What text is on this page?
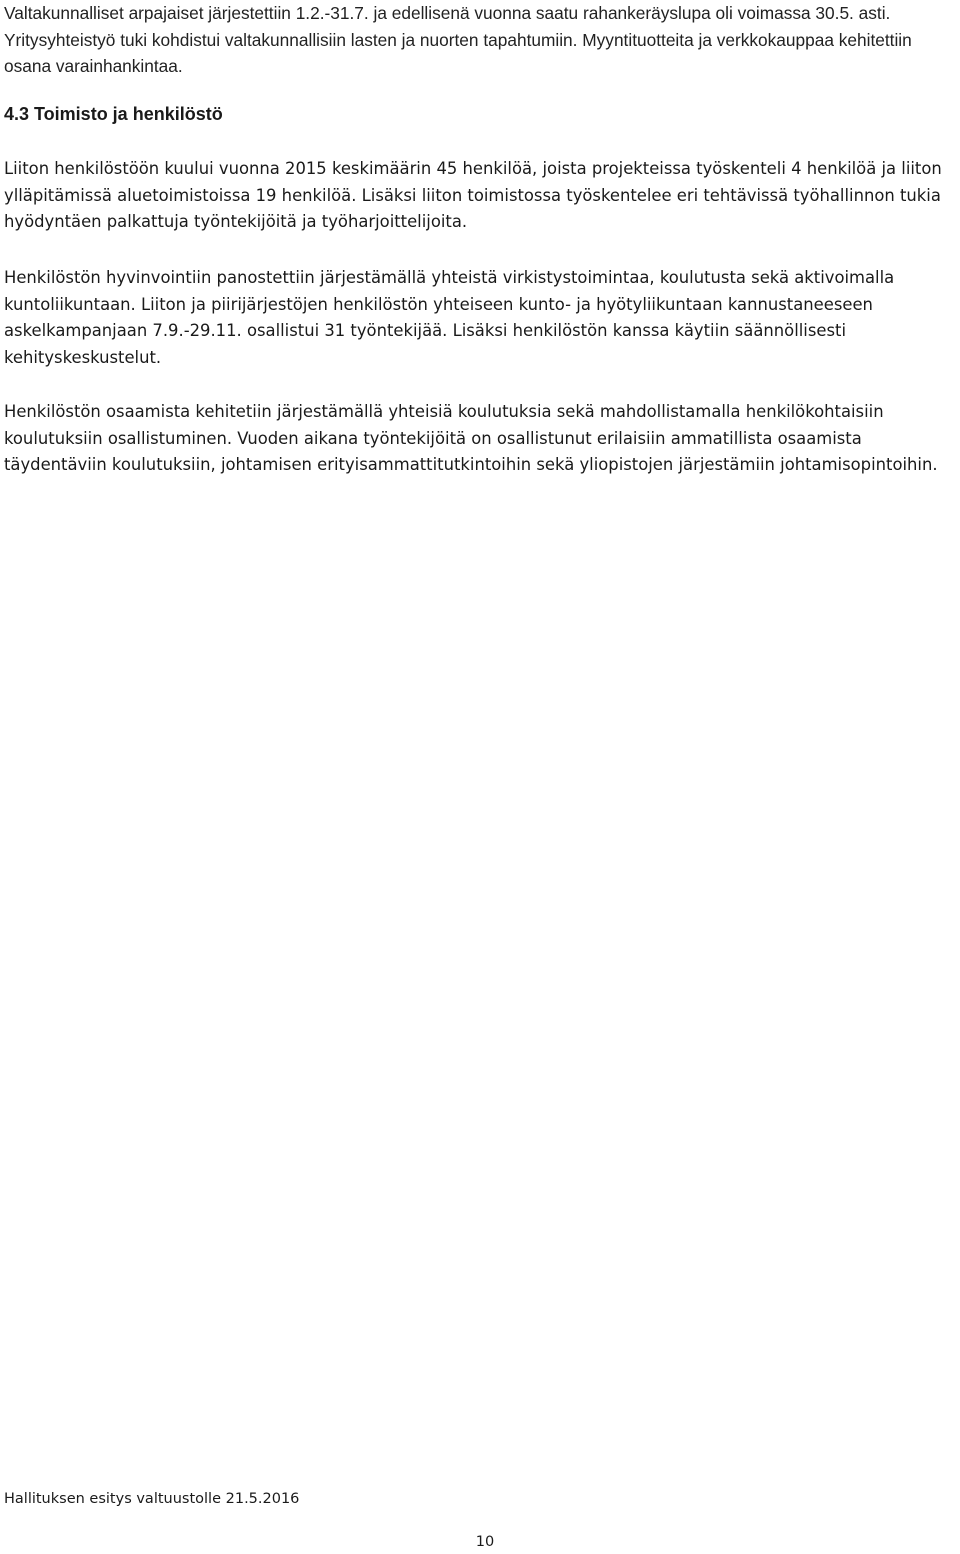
Valtakunnalliset arpajaiset järjestettiin 1.2.-31.7. ja edellisenä vuonna saatu rahankeräyslupa oli voimassa 30.5. asti. Yritysyhteistyö tuki kohdistui valtakunnallisiin lasten ja nuorten tapahtumiin. Myyntituotteita ja verkkokauppaa kehitettiin osana varainhankintaa.

4.3 Toimisto ja henkilöstö

Liiton henkilöstöön kuului vuonna 2015 keskimäärin 45 henkilöä, joista projekteissa työskenteli 4 henkilöä ja liiton ylläpitämissä aluetoimistoissa 19 henkilöä. Lisäksi liiton toimistossa työskentelee eri tehtävissä työhallinnon tukia hyödyntäen palkattuja työntekijöitä ja työharjoittelijoita.

Henkilöstön hyvinvointiin panostettiin järjestämällä yhteistä virkistystoimintaa, koulutusta sekä aktivoimalla kuntoliikuntaan. Liiton ja piirijärjestöjen henkilöstön yhteiseen kunto- ja hyötyliikuntaan kannustaneeseen askelkampanjaan 7.9.-29.11. osallistui 31 työntekijää. Lisäksi henkilöstön kanssa käytiin säännöllisesti kehityskeskustelut.

Henkilöstön osaamista kehitetiin järjestämällä yhteisiä koulutuksia sekä mahdollistamalla henkilökohtaisiin koulutuksiin osallistuminen. Vuoden aikana työntekijöitä on osallistunut erilaisiin ammatillista osaamista täydentäviin koulutuksiin, johtamisen erityisammattitutkintoihin sekä yliopistojen järjestämiin johtamisopintoihin.

Hallituksen esitys valtuustolle 21.5.2016

10
